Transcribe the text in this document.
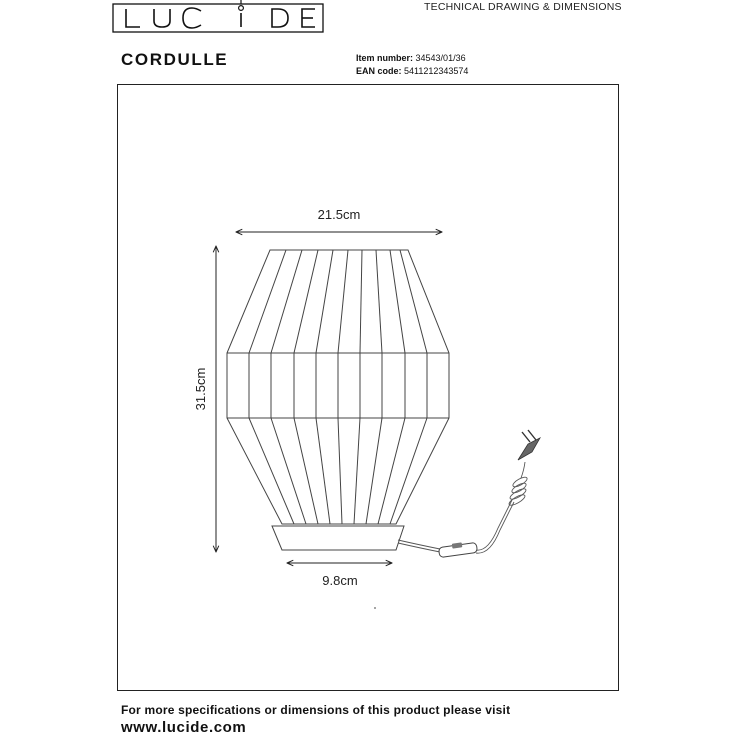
TECHNICAL DRAWING & DIMENSIONS
CORDULLE	Item number: 34543/01/36
EAN code: 5411212343574
21.5cm
31.5cm
9.8cm
For more specifications or dimensions of this product please visit
www.lucide.com
